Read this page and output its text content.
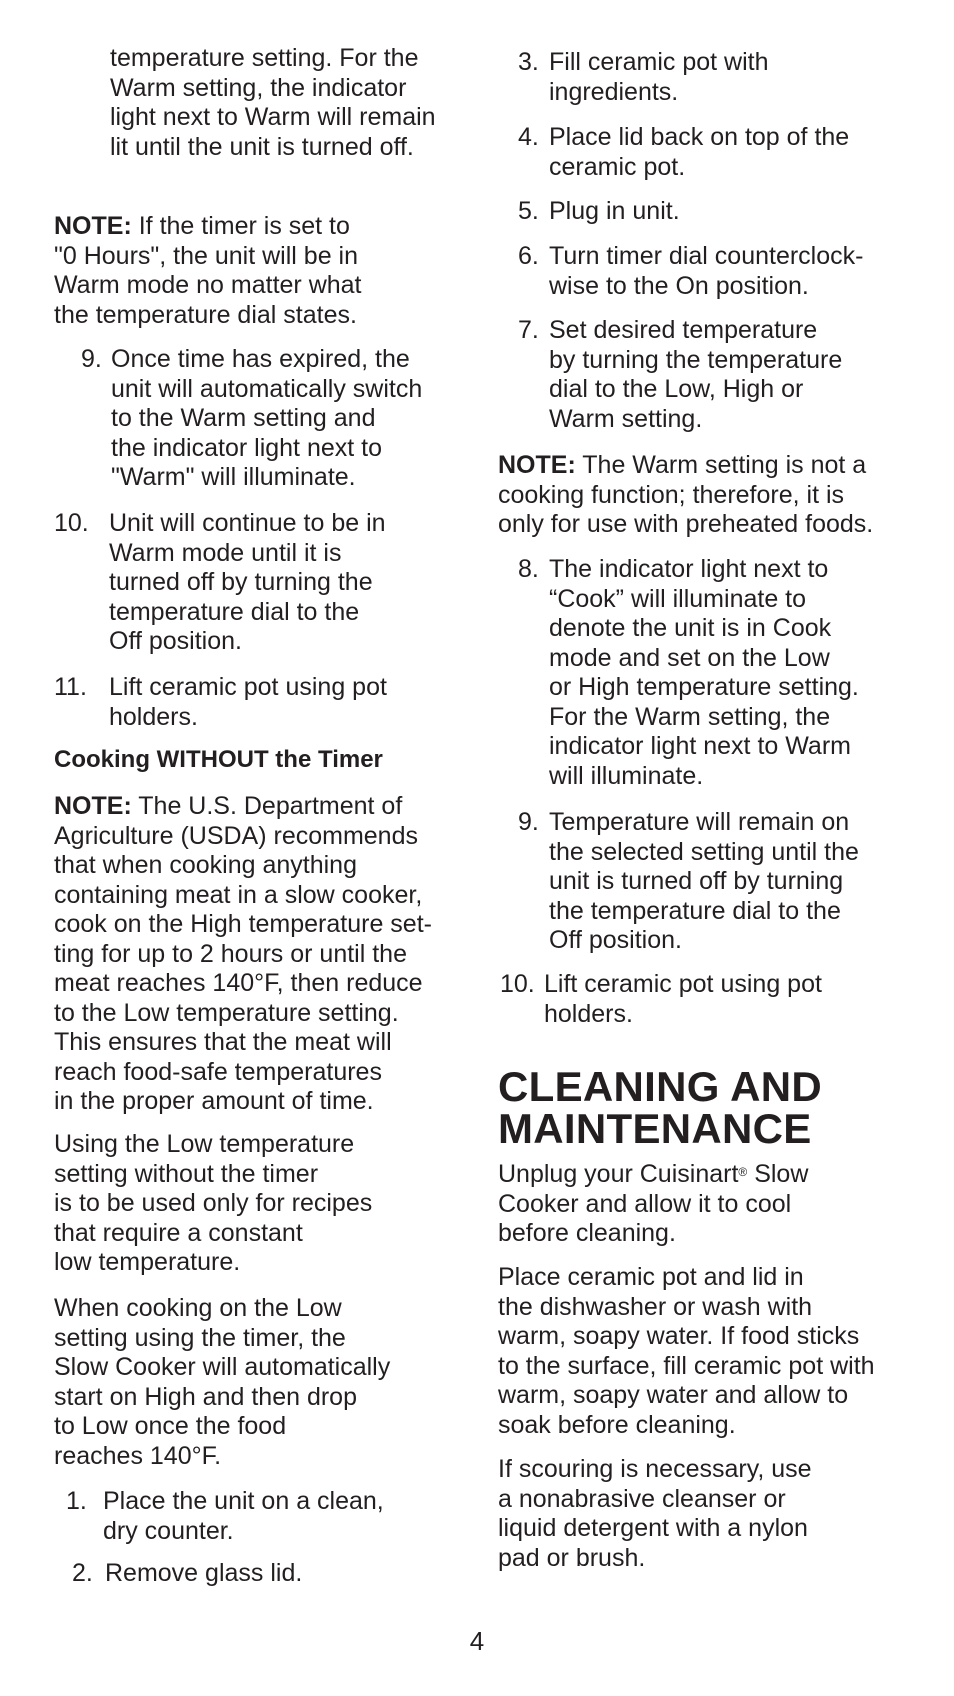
temperature setting. For the
Warm setting, the indicator
light next to Warm will remain
lit until the unit is turned off.
NOTE: If the timer is set to
"0 Hours", the unit will be in
Warm mode no matter what
the temperature dial states.
9. Once time has expired, the
unit will automatically switch
to the Warm setting and
the indicator light next to
"Warm" will illuminate.
10. Unit will continue to be in
Warm mode until it is
turned off by turning the
temperature dial to the
Off position.
11. Lift ceramic pot using pot
holders.
Cooking WITHOUT the Timer
NOTE: The U.S. Department of
Agriculture (USDA) recommends
that when cooking anything
containing meat in a slow cooker,
cook on the High temperature set-
ting for up to 2 hours or until the
meat reaches 140°F, then reduce
to the Low temperature setting.
This ensures that the meat will
reach food-safe temperatures
in the proper amount of time.
Using the Low temperature
setting without the timer
is to be used only for recipes
that require a constant
low temperature.
When cooking on the Low
setting using the timer, the
Slow Cooker will automatically
start on High and then drop
to Low once the food
reaches 140°F.
1. Place the unit on a clean,
dry counter.
2. Remove glass lid.
3. Fill ceramic pot with
ingredients.
4. Place lid back on top of the
ceramic pot.
5. Plug in unit.
6. Turn timer dial counterclock-
wise to the On position.
7. Set desired temperature
by turning the temperature
dial to the Low, High or
Warm setting.
NOTE: The Warm setting is not a
cooking function; therefore, it is
only for use with preheated foods.
8. The indicator light next to
“Cook” will illuminate to
denote the unit is in Cook
mode and set on the Low
or High temperature setting.
For the Warm setting, the
indicator light next to Warm
will illuminate.
9. Temperature will remain on
the selected setting until the
unit is turned off by turning
the temperature dial to the
Off position.
10. Lift ceramic pot using pot
holders.
CLEANING AND
MAINTENANCE
Unplug your Cuisinart® Slow
Cooker and allow it to cool
before cleaning.
Place ceramic pot and lid in
the dishwasher or wash with
warm, soapy water. If food sticks
to the surface, fill ceramic pot with
warm, soapy water and allow to
soak before cleaning.
If scouring is necessary, use
a nonabrasive cleanser or
liquid detergent with a nylon
pad or brush.
4
